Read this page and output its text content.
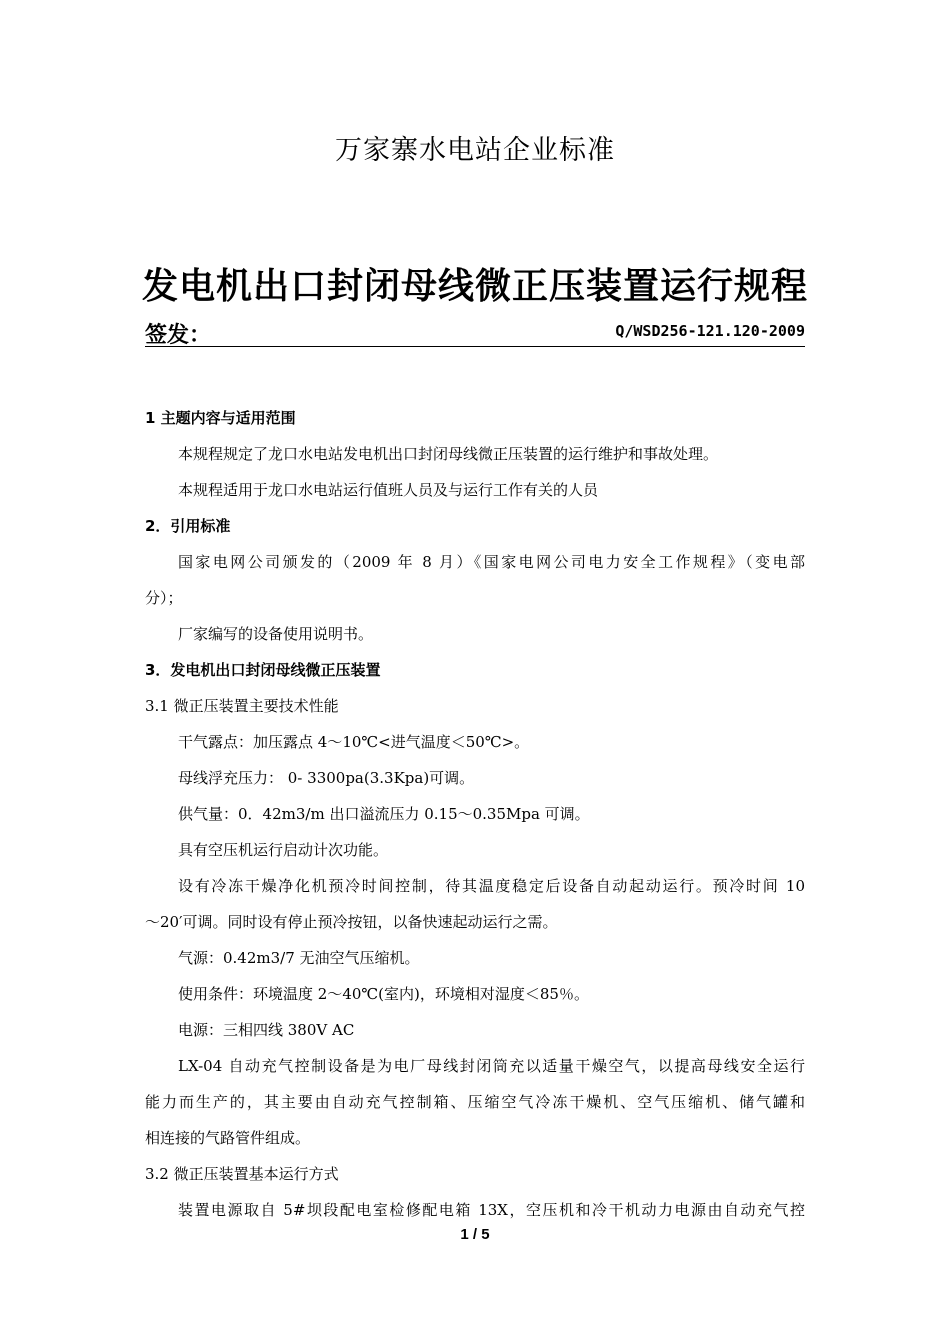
万家寨水电站企业标准
发电机出口封闭母线微正压装置运行规程
签发：	Q/WSD256-121.120-2009
1 主题内容与适用范围
本规程规定了龙口水电站发电机出口封闭母线微正压装置的运行维护和事故处理。
本规程适用于龙口水电站运行值班人员及与运行工作有关的人员
2．引用标准
国家电网公司颁发的（2009 年 8 月）《国家电网公司电力安全工作规程》（变电部
分）；
厂家编写的设备使用说明书。
3．发电机出口封闭母线微正压装置
3.1 微正压装置主要技术性能
干气露点：加压露点 4～10℃<进气温度＜50℃>。
母线浮充压力： 0- 3300pa(3.3Kpa)可调。
供气量：0．42m3/m 出口溢流压力 0.15～0.35Mpa 可调。
具有空压机运行启动计次功能。
设有冷冻干燥净化机预冷时间控制，待其温度稳定后设备自动起动运行。预冷时间 10
～20′可调。同时设有停止预冷按钮，以备快速起动运行之需。
气源：0.42m3/7 无油空气压缩机。
使用条件：环境温度 2～40℃(室内)，环境相对湿度＜85％。
电源：三相四线 380V AC
LX-04 自动充气控制设备是为电厂母线封闭筒充以适量干燥空气，以提高母线安全运行
能力而生产的，其主要由自动充气控制箱、压缩空气冷冻干燥机、空气压缩机、储气罐和
相连接的气路管件组成。
3.2 微正压装置基本运行方式
装置电源取自 5#坝段配电室检修配电箱 13X，空压机和冷干机动力电源由自动充气控
1 / 5
